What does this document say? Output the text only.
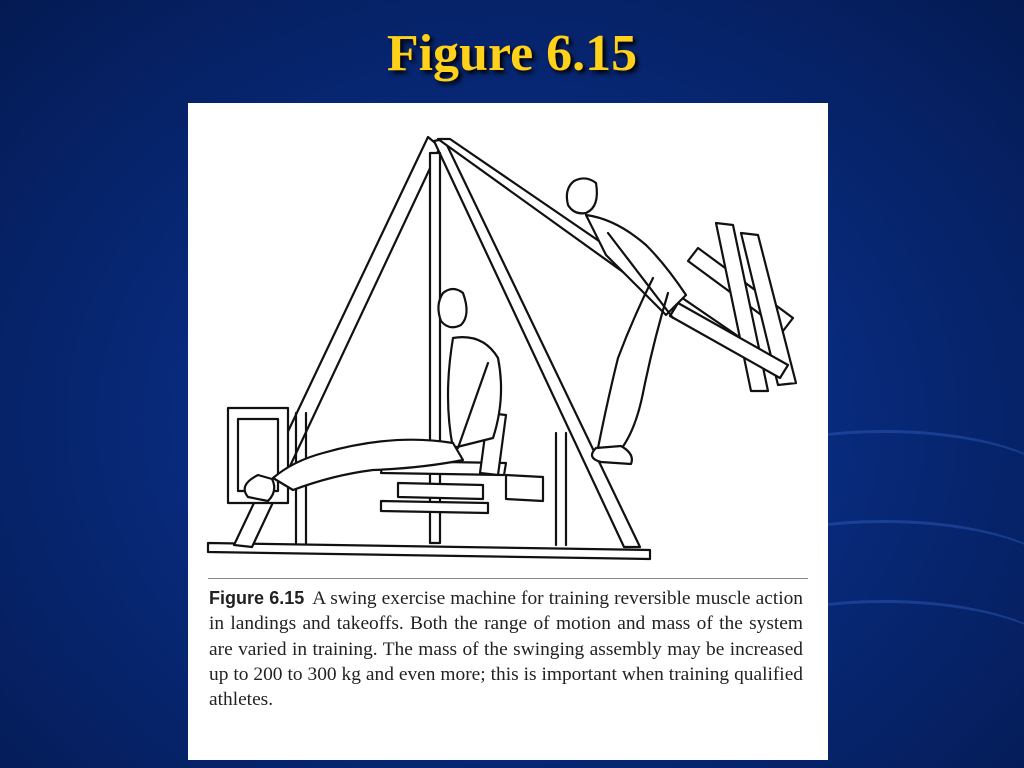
Figure 6.15

Figure 6.15 A swing exercise machine for training reversible muscle action in landings and takeoffs. Both the range of motion and mass of the system are varied in training. The mass of the swinging assembly may be increased up to 200 to 300 kg and even more; this is important when training qualified athletes.
